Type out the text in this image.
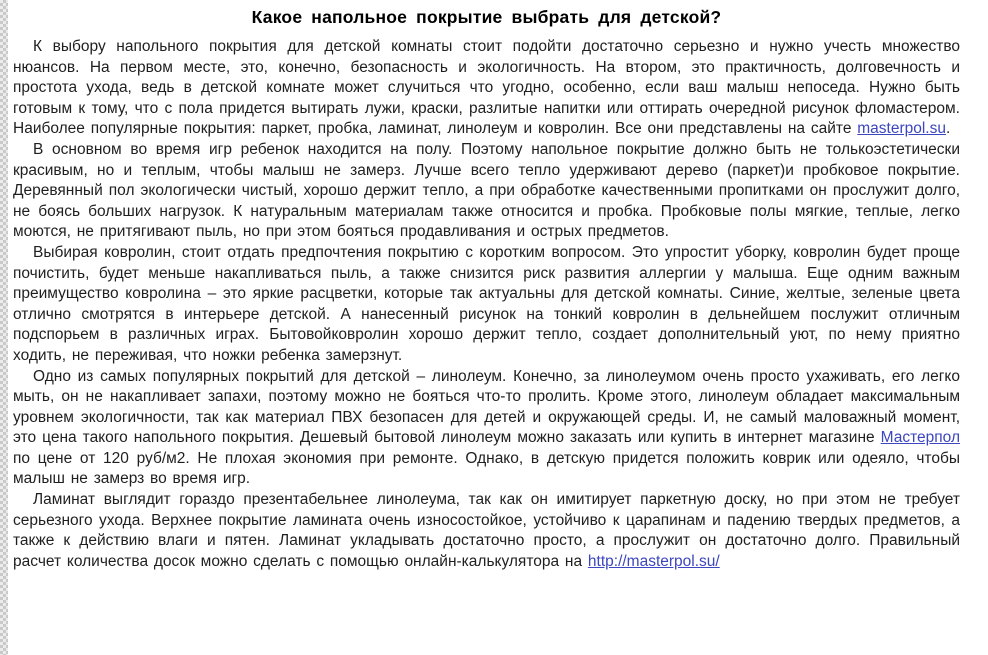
Какое напольное покрытие выбрать для детской?

К выбору напольного покрытия для детской комнаты стоит подойти достаточно серьезно и нужно учесть множество нюансов. На первом месте, это, конечно, безопасность и экологичность. На втором, это практичность, долговечность и простота ухода, ведь в детской комнате может случиться что угодно, особенно, если ваш малыш непоседа. Нужно быть готовым к тому, что с пола придется вытирать лужи, краски, разлитые напитки или оттирать очередной рисунок фломастером. Наиболее популярные покрытия: паркет, пробка, ламинат, линолеум и ковролин. Все они представлены на сайте masterpol.su.

В основном во время игр ребенок находится на полу. Поэтому напольное покрытие должно быть не толькоэстетически красивым, но и теплым, чтобы малыш не замерз. Лучше всего тепло удерживают дерево (паркет)и пробковое покрытие. Деревянный пол экологически чистый, хорошо держит тепло, а при обработке качественными пропитками он прослужит долго, не боясь больших нагрузок. К натуральным материалам также относится и пробка. Пробковые полы мягкие, теплые, легко моются, не притягивают пыль, но при этом бояться продавливания и острых предметов.

Выбирая ковролин, стоит отдать предпочтения покрытию с коротким вопросом. Это упростит уборку, ковролин будет проще почистить, будет меньше накапливаться пыль, а также снизится риск развития аллергии у малыша. Еще одним важным преимущество ковролина – это яркие расцветки, которые так актуальны для детской комнаты. Синие, желтые, зеленые цвета отлично смотрятся в интерьере детской. А нанесенный рисунок на тонкий ковролин в дельнейшем послужит отличным подспорьем в различных играх. Бытовойковролин хорошо держит тепло, создает дополнительный уют, по нему приятно ходить, не переживая, что ножки ребенка замерзнут.

Одно из самых популярных покрытий для детской – линолеум. Конечно, за линолеумом очень просто ухаживать, его легко мыть, он не накапливает запахи, поэтому можно не бояться что-то пролить. Кроме этого, линолеум обладает максимальным уровнем экологичности, так как материал ПВХ безопасен для детей и окружающей среды. И, не самый маловажный момент, это цена такого напольного покрытия. Дешевый бытовой линолеум можно заказать или купить в интернет магазине Мастерпол по цене от 120 руб/м2. Не плохая экономия при ремонте. Однако, в детскую придется положить коврик или одеяло, чтобы малыш не замерз во время игр.

Ламинат выглядит гораздо презентабельнее линолеума, так как он имитирует паркетную доску, но при этом не требует серьезного ухода. Верхнее покрытие ламината очень износостойкое, устойчиво к царапинам и падению твердых предметов, а также к действию влаги и пятен. Ламинат укладывать достаточно просто, а прослужит он достаточно долго. Правильный расчет количества досок можно сделать с помощью онлайн-калькулятора на http://masterpol.su/
